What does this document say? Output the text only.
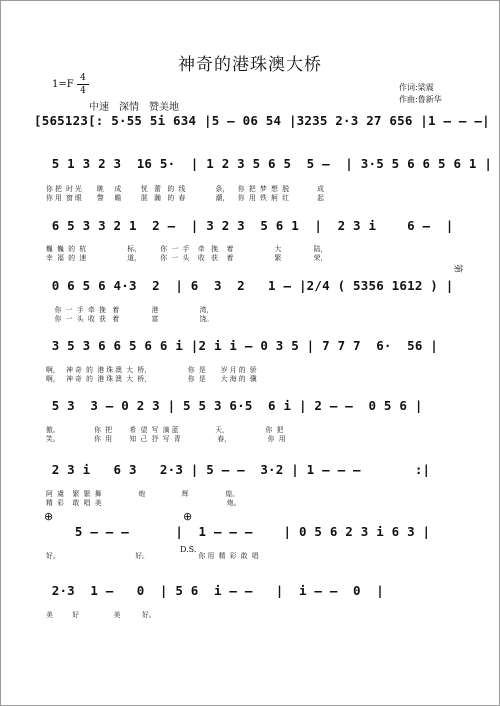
神奇的港珠澳大桥
1=F
4
4
中速　深情　赞美地
作词:梁震
作曲:鲁新华
[565123[: 5·55 5i 634 |5 — 06 54 |3235 2·3 27 656 |1 — — —|
5 1 3 2 3  16 5·  | 1 2 3 5 6 5  5 —  | 3·5 5 6 6 5 6 1 |
你 把  时 光       眺     成         恍   蕾   的  线              条，    你  把  梦  想  脱             成
你 用  窗 眼       瞥     瞻         湛   瀚   的  春              潮，    你  用  铁  舸  红             起
6 5 3 3 2 1  2 —  | 3 2 3  5 6 1  |  2 3 i    6 —  |
巍  巍  的  杭                   标，         你  一  手    牵   挽    着                   大               陆，
幸  福  的  速                   道，         你  一  头    收   获    着                   繁               荣，
0 6 5 6 4·3  2  | 6  3  2   1 — |2/4 ( 5356 1612 ) |
你  一  手  牵  挽   着               港                   湾，
你  一  头  收  获   着               富                   饶。
3 5 3 6 6 5 6 6 i |2 i i — 0 3 5 | 7 7 7  6·  56 |
啊，   神 奇  的  港 珠 澳  大  桥，                 你  是       岁 月 的  骄
啊，   神 奇  的  港 珠 澳  大  桥，                 你  是       大 海 的  骥
5 3  3 — 0 2 3 | 5 5 3 6·5  6 i | 2 — —  0 5 6 |
傲。                你  把        希  望  写  滴 蓝                 天，                 你  把
笑。                你  用        知  己  抒  写  青                 春，                 你  用
2 3 i   6 3   2·3 | 5 — —  3·2 | 1 — — —       :|
阿  虞    繁  繁  舞                 炮                 辉                 煌。
精  彩    敢  唱  美                                                          炮。
⊕	⊕
5 — — —      |  1 — — —    | 0 5 6 2 3 i 6 3 |
好。                                   好。                       你 用  精  彩  敢  唱
D.S.
2·3  1 —   0  | 5 6  i — —   |  i — —  0  |
美         好                美          好。
第
